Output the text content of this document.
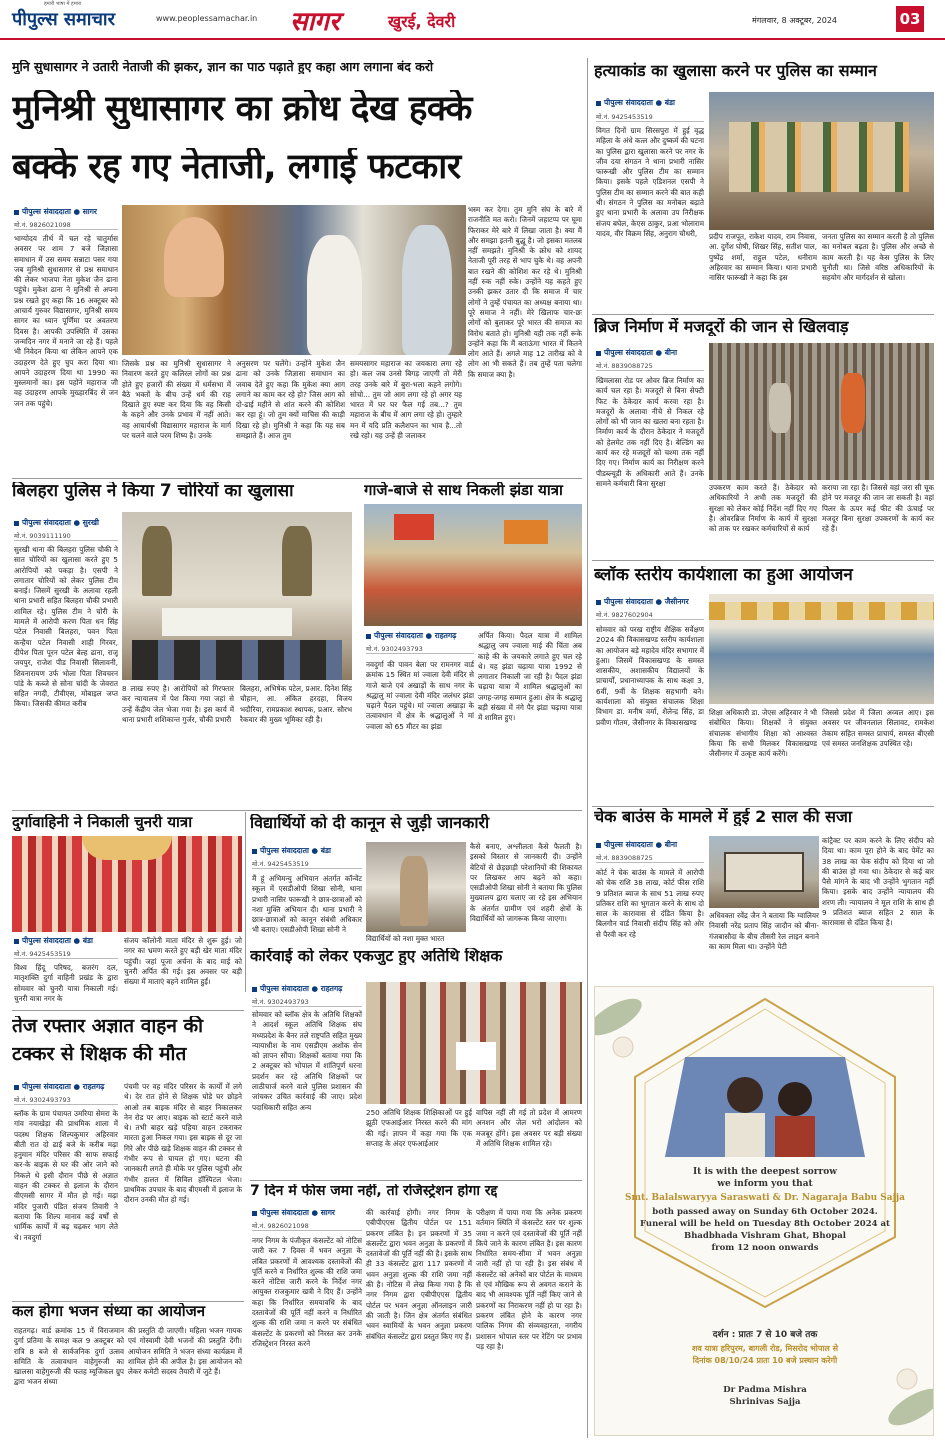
हमारी भाषा में हमारा
पीपुल्स समाचार	www.peoplessamachar.in सागर	खुरई, देवरी	मंगलवार, 8 अक्टूबर, 2024	03
मुनि सुधासागर ने उतारी नेताजी की झकर, ज्ञान का पाठ पढ़ाते हुए कहा आग लगाना बंद करो
मुनिश्री सुधासागर का क्रोध देख हक्के
बक्के रह गए नेताजी, लगाई फटकार
पीपुल्स संवाददाता ● सागर
मो.नं. 9826021098
भाग्योदय तीर्थ में चल रहे चातुर्मास अवसर पर शाम 7 बजे जिज्ञासा समाधान में उस समय सन्नाटा पसर गया जब मुनिश्री सुधासागर से प्रश्न समाधान की लेकर भाजपा नेता मुकेश जैन ढाना पहुंचे। मुकेश ढाना ने मुनिश्री से अपना प्रश्न रखते हुए कहा कि 16 अक्टूबर को आचार्य गुरुवर विद्यासागर, मुनिश्री समय सागर का ध्यान पूर्णिमा पर अवतरण दिवस है। आपकी उपस्थिति में उसका जन्मदिन नगर में मनाने जा रहे हैं। पहले भी निवेदन किया था लेकिन आपने एक उदाहरण देते हुए चुप करा दिया था। आपने उदाहरण दिया था 1990 का मुस्लमानों का। इस पहोंने महाराज जी वह उदाहरण आपके मुख्हारबिंद से जन जन तक पहुंचे।
जिसके प्रश्न का मुनिश्री सुधासागर ने निवारण करते हुए कलिरल लोगों का प्रश्न होते हुए हजारों की संख्या में धर्मसभा में बैठे भक्तों के बीच उन्हें धर्म की राह दिखाते हुए स्पष्ट कर दिया कि वह किसी के कहने और उनके प्रभाव में नहीं आते। वह आचार्यश्री विद्यासागर महाराज के मार्ग पर चलने वाले परम शिष्य है। उनके
अनुसरण पर चलेंगे। उन्होंने मुकेश जैन ढाना को उनके जिज्ञासा समाधान का जवाब देते हुए कहा कि मुकेश क्या आग लगाने का काम कर रहे हो? जिस आग को दो-ढाई महीने से शांत करने की कोशिश कर रहा हूं। जो तुम क्यों माचिस की काड़ी दिखा रहे हो। मुनिश्री ने कहा कि यह सब समझाते हैं। आज तुम
समयसागर महाराज का जयकारा लगा रहे हो। कल जब उनसे बिगड़ जाएगी तो मेरी तरह उनके बारे में बुरा-भला कहने लगोगे। सोचो... तुम जो आग लगा रहे हो अगर यह भारत में घर घर फैल गई तब...? तुम महाराज के बीच में आग लगा रहे हो। तुम्हारे मन में यदि प्रति कलैशपन का भाव है...तो रखे रहो। यह उन्हें ही जलाकर
भस्म कर देगा। तुम मुनि संघ के बारे में राजनीति मत करो। जिनमें जहाटप्प पर घूमा फिराकर मेरे बारे में लिखा जाता है। क्या मैं और समझा इतनी बुद्धू है। जो इसका मतलब नहीं समझते। मुनिश्री के क्रोध को शायद नेताजी पूरी तरह से भाप चुके थे। वह अपनी बात रखने की कोशिश कर रहे थे। मुनिश्री नहीं रुक नहीं रुके। उन्होंने यह कहते हुए उनकी झकर उतार दी कि समाज में चार लोगों ने तुम्हें पंचायत का अध्यक्ष बनाया था। पूरे समाज ने नहीं। मेरे खिलाफ चार-छः लोगों को बुलाकर पूरे भारत की समाज का विरोध बताते हो। मुनिश्री यही तक नहीं रूके उन्होंने कहा कि मैं बताऊंगा भारत में कितने लोग आते हैं। अगले माह 12 तारीख को वे लोग आ भी सकते हैं। तब तुम्हें पता चलेगा कि समाज क्या है।
हत्याकांड का खुलासा करने पर पुलिस का सम्मान
पीपुल्स संवाददाता ● बंडा
मो.नं. 9425453519
विगत दिनों ग्राम सिरसपुरा में हुई वृद्ध महिला के अंधे कत्ल और दुष्कर्म की घटना का पुलिस द्वारा खुलासा करने पर नगर के जीव दया संगठन ने थाना प्रभारी नासिर फारूखी और पुलिस टीम का सम्मान किया। इसके पहले एडिशनल एसपी ने पुलिस टीम का सम्मान करने की बात कही थी। संगठन ने पुलिस का मनोबल बढ़ाते हुए थाना प्रभारी के अलावा उप निरीक्षक संजय बघेल, केएस ठाकुर, प्रआ भोलाराम यादव, वीर विक्रम सिंह, अनुराग चौधरी,	प्रदीप राजपूत, राकेश यादव, राम निवास, आ. दुर्गेश घोषी, शिखर सिंह, सतीश पाल, पुष्पेंद्र शर्मा, राहुल पटेल, धनीराम अहिरवार का सम्मान किया। थाना प्रभारी नासिर फारूखी ने कहा कि इस
जनता पुलिस का सम्मान करती है तो पुलिस का मनोबल बढ़ता है। पुलिस और अच्छे से काम करती है। यह केस पुलिस के लिए चुनौती था। जिसे वरिष्ठ अधिकारियों के सहयोग और मार्गदर्शन से खोला।
ब्रिज निर्माण में मजदूरों की जान से खिलवाड़
पीपुल्स संवाददाता ● बीना
मो.नं. 8839088725
खिमलासा रोड पर ओवर ब्रिज निर्माण का कार्य चल रहा है। मजदूरों से बिना सेफ्टी फिट के ठेकेदार कार्य करवा रहा है। मजदूरों के अलावा नीचे से निकल रहे लोगों को भी जान का खतरा बना रहता है। निर्माण कार्य के दौरान ठेकेदार ने मजदूरों को हेलमेट तक नहीं दिए है। बेल्डिंग का कार्य कर रहे मजदूरों को चश्मा तक नहीं दिए गए। निर्माण कार्य का निरीक्षण करने पीडब्ल्यूडी के अधिकारी आते हैं। उनके सामने कर्मचारी बिना सुरक्षा	उपकरण काम करते हैं। ठेकेदार को अधिकारियों ने अभी तक मजदूरों की सुरक्षा को लेकर कोई निर्देश नहीं दिए गए है। ओवरब्रिज निर्माण के कार्य में सुरक्षा को ताक पर रखकर कर्मचारियों से कार्य
कराया जा रहा है। जिससे वहां जरा सी चूक होने पर मजदूर की जान जा सकती है। वहां पिलर के ऊपर कई फीट की ऊंचाई पर मजदूर बिना सुरक्षा उपकरणों के कार्य कर रहे हैं।
ब्लॉक स्तरीय कार्यशाला का हुआ आयोजन
पीपुल्स संवाददाता ● जैसीनगर
मो.नं. 9827602904
सोमवार को परख राष्ट्रीय शैक्षिक सर्वेक्षण 2024 की विकासखण्ड स्तरीय कार्यशाला का आयोजन बड़े महादेव मंदिर सभागार में हुआ। जिसमें विकासखण्ड के समस्त शासकीय, अशासकीय विद्यालयों के प्राचार्यों, प्रधानाध्यापक के साथ कक्षा 3, 6वीं, 9वीं के शिक्षक सहभागी बने। कार्यशाला को संयुक्त संचालक शिक्षा विभाग डा. मनीष वर्मा, शैलेन्द्र सिंह, डा प्रवीण गौतम, जैसीनगर के विकासखण्ड
शिक्षा अधिकारी डा. जेएस अहिरवार ने भी संबोधित किया। शिक्षकों ने संयुक्त संचालक संभागीय शिक्षा को आश्वस्त किया कि सभी मिलकर विकासखण्ड जैसीनगर में उत्कृष्ट कार्य करेंगे।
जिससे प्रदेश में जिला अव्वल आए। इस अवसर पर जीवनलाल सिलावट, रामकेश तेकाम सहित समस्त प्राचार्य, समस्त बीएसी एवं समस्त जनशिक्षक उपस्थित रहे।
चेक बाउंस के मामले में हुई 2 साल की सजा
पीपुल्स संवाददाता ● बीना
मो.नं. 8839088725
कोर्ट ने चेक बाउंस के मामले में आरोपी को चेक राशि 38 लाख, कोर्ट फीस राशि 9 प्रतिशत ब्याज के साथ 51 लाख रुपए प्रतिकर राशि का भुगतान करने के साथ दो साल के कारावास से दंडित किया है। बिलगौन वार्ड निवासी संदीप सिंह को ओर से पैरवी कर रहे
अधिवक्ता रवेंद्र जैन ने बताया कि ग्वालियर निवासी नरेंद्र प्रताप सिंह जादौन को बीना-गंजबासौदा के बीच तीसरी रेल लाइन बनाने का काम मिला था। उन्होंने पेटी
कांट्रैक्ट पर काम करने के लिए संदीप को दिया था। काम पूरा होने के बाद पेमेंट का 38 लाख का चेक संदीप को दिया था जो की बाउंस हो गया था। ठेकेदार से कई बार पैसे मांगने के बाद भी उन्होंने भुगतान नहीं किया। इसके बाद उन्होंने न्यायालय की शरण ली। न्यायालय ने मूल राशि के साथ ही 9 प्रतिशत ब्याज सहित 2 साल के कारावास से दंडित किया है।
It is with the deepest sorrow
we inform you that
Smt. Balalswaryya Saraswati & Dr. Nagaraja Babu Sajja
both passed away on Sunday 6th October 2024.
Funeral will be held on Tuesday 8th October 2024 at
Bhadbhada Vishram Ghat, Bhopal
from 12 noon onwards
दर्शन : प्रातः 7 से 10 बजे तक
शव यात्रा हरिपुरम, बागली रोड, मिसरोद भोपाल से
दिनांक 08/10/24 प्रातः 10 बजे प्रस्थान करेगी
Dr Padma Mishra
Shrinivas Sajja
बिलहरा पुलिस ने किया 7 चोरियों का खुलासा
पीपुल्स संवाददाता ● सुरखी
मो.नं. 9039111190
सुरखी थाना की बिलहरा पुलिस चौकी ने सात चोरियों का खुलासा करते हुए 5 आरोपियों को पकड़ा है। एसपी ने लगातार चोरियों को लेकर पुलिस टीम बनाई। जिसमें सुरखी के अलावा रहली थाना प्रभारी सहित बिलहरा चौकी प्रभारी शामिल रहे। पुलिस टीम ने चोरी के मामले में आरोपी करण पिता धन सिंह पटेल निवासी बिलहरा, पवन पिता कन्हैया पटेल निवासी शाही गिरवर, दीपेश पिता पूरन पटेल बेल्ह ढाना, राजू जयपुर, राजेश पीड निवासी सिलावनी, शिवनारायण उर्फ भोला पिता शिवचरन पांडे के कब्जे से सोना चांदी के जेवरात सहित नगदी, टीवीएस, मोबाइल जप्त किया। जिसकी कीमत करीब
8 लाख रुपए है। आरोपियों को गिरफ्तार कर न्यायालय में पेश किया गया जहां से उन्हें केंद्रीय जेल भेजा गया है। इस कार्य में थाना प्रभारी शशिकान्त गुर्जर, चौकी प्रभारी
बिलहरा, अभिषेक पटेल, प्रआर. दिनेश सिंह चौहान, आ. अंकित हरदहा, विजय भदौरिया, रामप्रकाश स्थापक, प्रआर. सौरभ रैकवार की मुख्य भूमिका रही है।
गाजे-बाजे से साथ निकली झंडा यात्रा
पीपुल्स संवाददाता ● राहतगढ़
मो.नं. 9302493793
नवदुर्गा की पावन बेला पर रामनगर वार्ड क्रमांक 15 स्थित मां ज्वाला देवी मंदिर से गाजे बाजे एवं अखाड़ों के साथ नगर के श्रद्धालु मां ज्वाला देवी मंदिर जलंधर झंडा चढ़ाने पैदल पहुंचे। मां ज्वाला अखाड़ा के तत्वावधान में क्षेत्र के श्रद्धालुओं ने मां ज्वाला को 65 मीटर का झंडा
अर्पित किया। पैदल यात्रा में शामिल श्रद्धालु जय ज्वाला माई की चिंता अब काहे की के जयकारे लगाते हुए चल रहे थे। यह झंडा चढ़ाया यात्रा 1992 से लगातार निकाली जा रही है। पैदल झंडा चढ़ाया यात्रा में शामिल श्रद्धालुओं का जगह-जगह सम्मान हुआ। क्षेत्र के श्रद्धालु बड़ी संख्या में नंगे पैर झंडा चढ़ाया यात्रा में शामिल हुए।
दुर्गावाहिनी ने निकाली चुनरी यात्रा
पीपुल्स संवाददाता ● बंडा
मो.नं. 9425453519
विश्व हिंदू परिषद, बजरंग दल, मातृशक्ति दुर्गा वाहिनी प्रखंड के द्वारा सोमवार को चुनरी यात्रा निकाली गई। चुनरी यात्रा नगर के
संजय कॉलोनी माता मंदिर से शुरू हुई। जो नगर का भ्रमण करते हुए बड़ी खेर माता मंदिर पहुंची। जहां पूजा अर्चना के बाद माई को चुनरी अर्पित की गई। इस अवसर पर बड़ी संख्या में माताएं बहने शामिल हुईं।
विद्यार्थियों को दी कानून से जुड़ी जानकारी
पीपुल्स संवाददाता ● बंडा
मो.नं. 9425453519
मैं हूं अभिमन्यु अभियान अंतर्गत कॉन्वेंट स्कूल में एसडीओपी शिखा सोनी, थाना प्रभारी नासिर फारूखी ने छात्र-छात्राओं को नशा मुक्ति अभियान दी। थाना प्रभारी ने छात्र-छात्राओं को कानून संबंधी अधिकार भी बताए। एसडीओपी शिखा सोनी ने
विद्यार्थियों को नशा मुक्त भारत
कैसे बनाए, अश्लीलता कैसे फैलती है। इसको विस्तार से जानकारी दी। उन्होंने बेटियों से छेड़छाड़ी परेशानियों की शिकायत पर लिखकर आप बढ़ने को कहा। एसडीओपी शिखा सोनी ने बताया कि पुलिस मुख्यालय द्वारा चलाए जा रहे इस अभियान के अंतर्गत ग्रामीण एवं शहरी क्षेत्रों के विद्यार्थियों को जागरूक किया जाएगा।
कार्रवाई को लेकर एकजुट हुए अतिथि शिक्षक
पीपुल्स संवाददाता ● राहतगढ़
मो.नं. 9302493793
सोमवार को ब्लॉक क्षेत्र के अतिथि शिक्षकों ने आदर्श स्कूल अतिथि शिक्षक संघ मध्यप्रदेश के बैनर तले राष्ट्रपति सहित मुख्य न्यायाधीश के नाम एसडीएम अशोक सेन को ज्ञापन सौंपा। शिक्षकों बताया गया कि 2 अक्टूबर को भोपाल में शांतिपूर्ण धरना प्रदर्शन कर रहे अतिथि शिक्षकों पर लाठीचार्ज करने वाले पुलिस प्रशासन की जांचकर उचित कार्रवाई की जाए। प्रदेश पदाधिकारी सहित अन्य
250 अतिथि शिक्षक शिक्षिकाओं पर हुई झूठी एफआईआर निरस्त करने की मांग की गई। ज्ञापन में कहा गया कि एक सप्ताह के अंदर एफआईआर
वापिस नहीं ली गई तो प्रदेश में आमरण अनशन और जेल भरो आंदोलन को मजबूर होंगे। इस अवसर पर बड़ी संख्या में अतिथि शिक्षक शामिल रहे।
तेज रफ्तार अज्ञात वाहन की
टक्कर से शिक्षक की मौत
पीपुल्स संवाददाता ● राहतगढ़
मो.नं. 9302493793
ब्लॉक के ग्राम पंचायत उमरिया सेमरा के गांव नयाखेड़ा की प्राथमिक शाला में पदस्थ शिक्षक शिल्पकुमार अहिरवार बीती रात दो ढाई बजे के करीब मढ़ा हनुमान मंदिर परिसर की साफ सफाई कर-के बाइक से घर की ओर जाने को निकले थे इसी दौरान पीछे से अज्ञात वाहन की टक्कर से इलाज के दौरान वीएमसी सागर में मौत हो गई। मढ़ा मंदिर पुजारी पंडित संजय तिवारी ने बताया कि शिल्प मानाव कई वर्षों से धार्मिक कार्यों में बढ़ चढ़कर भाग लेते थे। नवदुर्गा
पंचमी पर वह मंदिर परिसर के कार्यों में लगे थे। देर रात होने से शिक्षक घोडे घर छोड़ने आओ तब बाइक मंदिर से बाहर निकालकर नेन रोड पर आए। बाइक को स्टार्ट करने वाले थे। तभी बाहर खड़े पहिया वाहन टकराकर मारता हुआ निकल गया। इस बाइक से दूर जा गिरे और पीछे खड़े शिक्षक वाहन की टक्कर से गंभीर रूप से घायल हो गए। घटना की जानकारी लगते ही मौके पर पुलिस पहुंची और गंभीर हालत में सिविल हॉस्पिटल भेजा। प्राथमिक उपचार के बाद बीएमसी में इलाज के दौरान उनकी मौत हो गई।
कल होगा भजन संध्या का आयोजन
राहतगढ़। वार्ड क्रमांक 15 में विराजमान दुर्गा प्रतिमा के समक्ष कल 9 अक्टूबर को रात्रि 8 बजे से सार्वजनिक दुर्गा उत्सव समिति के तत्वावधान वाहेगुरुजी का खालसा वाहेगुरुजी की फतह म्यूजिकल ग्रुप द्वारा भजन संध्या
की प्रस्तुति दी जाएगी। महिला भजन गायक एवं गोस्वामी देवी भजनों की प्रस्तुति देंगी। आयोजन समिति ने भजन संध्या कार्यक्रम में शामिल होने की अपील है। इस आयोजन को लेकर कमेटी सदस्य तैयारी में जुटे हैं।
7 दिन में फीस जमा नहीं, तो रजिस्ट्रेशन होगा रद्द
पीपुल्स संवाददाता ● सागर
मो.नं. 9826021098
नगर निगम के पंजीकृत कंसल्टेंट को नोटिस जारी कर 7 दिवस में भवन अनुज्ञा के लंबित प्रकरणों में आवश्यक दस्तावेजों की पूर्ति करने व निर्धारित शुल्क की राशि जमा करने नोटिस जारी करने के निर्देश नगर आयुक्त राजकुमार खत्री ने दिए हैं। उन्होंने कहा कि निर्धारित समयावधि के बाद दस्तावेजों की पूर्ति नहीं करने व निर्धारित शुल्क की राशि जमा न करने पर संबंधित कंसल्टेंट के प्रकरणों को निरस्त कर उनके रजिस्ट्रेशन निरस्त करने
की कार्रवाई होगी। नगर निगम के एबीपीएएस द्वितीय पोर्टल पर 151 प्रकरण लंबित है। इन प्रकरणों में 35 कंसल्टेंट द्वारा भवन अनुज्ञा के प्रकरणों में दस्तावेजों की पूर्ति नहीं की है। इसके साथ ही 33 कंसल्टेंट द्वारा 117 प्रकरणों में भवन अनुज्ञा शुल्क की राशि जमा नहीं की है। नोटिस में लेख किया गया है कि नगर निगम द्वारा एबीपीएएस द्वितीय पोर्टल पर भवन अनुज्ञा ऑनलाइन जारी की जाती है। जिन क्षेत्र अंतर्गत संबंधित भवन स्वामियों के भवन अनुज्ञा प्रकरण संबंधित कंसल्टेंट द्वारा प्रस्तुत किए गए हैं।
परीक्षण में पाया गया कि अनेक प्रकरण वर्तमान स्थिति में कंसल्टेंट स्तर पर शुल्क जमा न करने एवं दस्तावेजों की पूर्ति नहीं किये जाने के कारण लंबित है। इस कारण निर्धारित समय-सीमा में भवन अनुज्ञा जारी नहीं हो पा रही है। इस संबंध में कंसल्टेंट को अनेकों बार पोर्टल के माध्यम से एवं मौखिक रूप से अवगत कराने के बाद भी आवश्यक पूर्ति नहीं किए जाने से प्रकरणों का निराकरण नहीं हो पा रहा है। प्रकरण लंबित होने के कारण नगर पालिक निगम की संव्यवहारता, नगरीय प्रशासन भोपाल स्तर पर रेटिंग पर प्रभाव पड़ रहा है।
